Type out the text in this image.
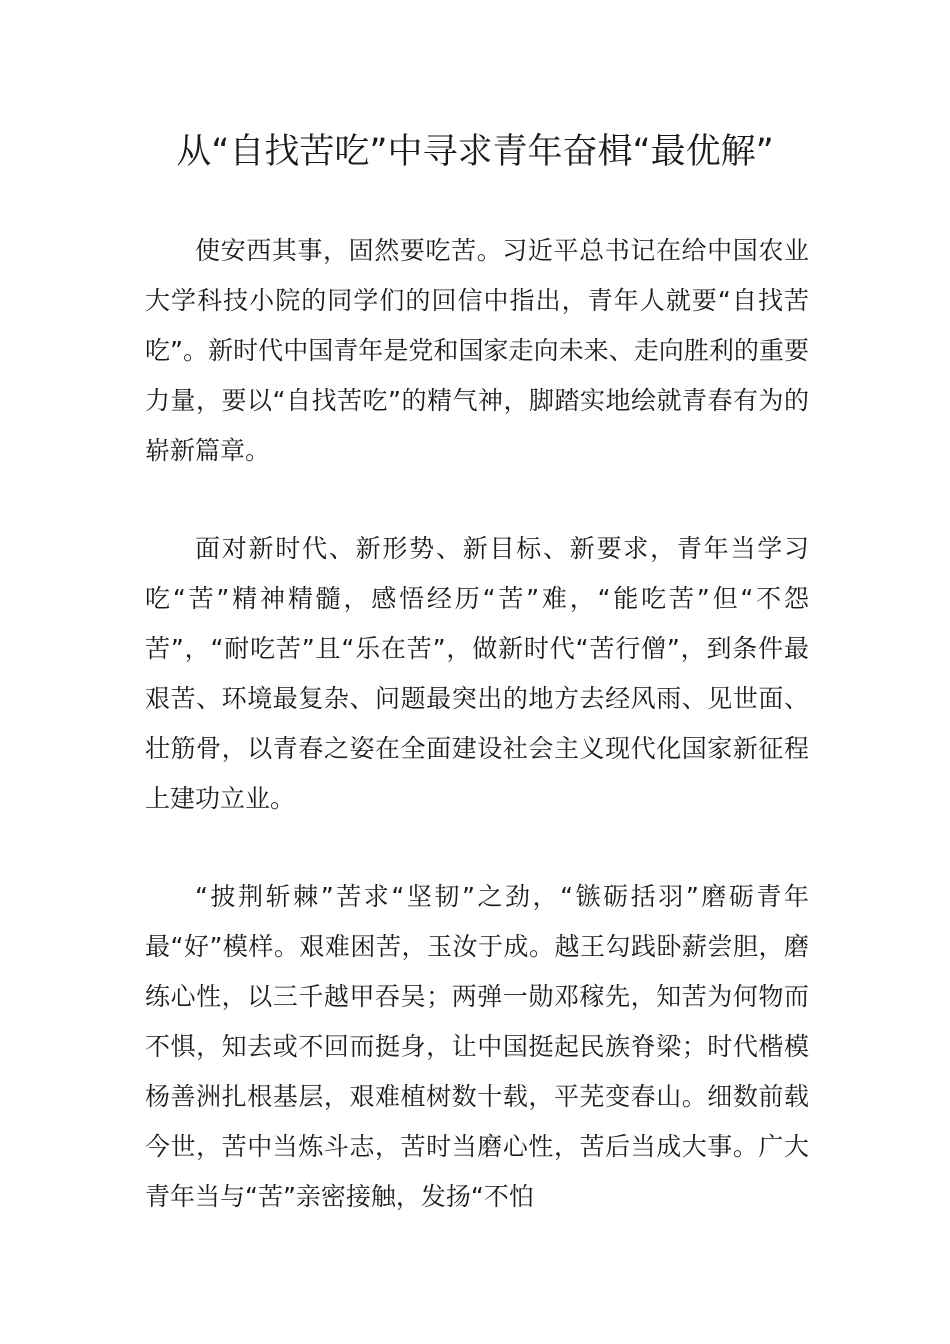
从“自找苦吃”中寻求青年奋楫“最优解”

使安西其事，固然要吃苦。习近平总书记在给中国农业大学科技小院的同学们的回信中指出，青年人就要“自找苦吃”。新时代中国青年是党和国家走向未来、走向胜利的重要力量，要以“自找苦吃”的精气神，脚踏实地绘就青春有为的崭新篇章。

面对新时代、新形势、新目标、新要求，青年当学习吃“苦”精神精髓，感悟经历“苦”难，“能吃苦”但“不怨苦”，“耐吃苦”且“乐在苦”，做新时代“苦行僧”，到条件最艰苦、环境最复杂、问题最突出的地方去经风雨、见世面、壮筋骨，以青春之姿在全面建设社会主义现代化国家新征程上建功立业。

“披荆斩棘”苦求“坚韧”之劲，“镞砺括羽”磨砺青年最“好”模样。艰难困苦，玉汝于成。越王勾践卧薪尝胆，磨练心性，以三千越甲吞吴；两弹一勋邓稼先，知苦为何物而不惧，知去或不回而挺身，让中国挺起民族脊梁；时代楷模杨善洲扎根基层，艰难植树数十载，平芜变春山。细数前载今世，苦中当炼斗志，苦时当磨心性，苦后当成大事。广大青年当与“苦”亲密接触，发扬“不怕
